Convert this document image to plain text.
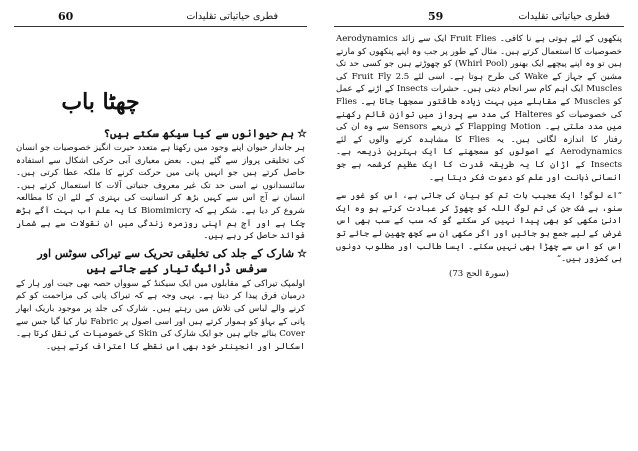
60	فطری حیاتیاتی تقلیدات
چھٹا باب
☆ہم حیوانوں سے کیا سیکھ سکتے ہیں؟
ہر جاندار حیوان اپنے وجود میں رکھتا ہے متعدد حیرت انگیز خصوصیات جو انسان کی تخلیقی پرواز سے گئے ہیں۔ بعض معیاری آبی حرکی اشکال سے استفادہ حاصل کرتے ہیں جو انہیں پانی میں حرکت کرنے کا ملکہ عطا کرتی ہیں۔ سائنسدانوں نے اسی حد تک غیر معروف جنیاتی آلات کا استعمال کرتے ہیں۔ انسان نے آج اس سے کہیں بڑھ کر انسانیت کی بہتری کے لئے ان کا مطالعہ شروع کر دیا ہے۔ شکر ہے کہ Biomimicry کا یہ علم اب بہت آگے بڑھ چکا ہے اور آج ہم اپنی روزمرہ زندگی میں ان نقولات سے بے شمار فوائد حاصل کر رہے ہیں۔
☆شارک کے جلد کی تخلیقی تحریک سے تیراکی سوٹس اور
سرفس ڈرائیگ تیار کیے جاتے ہیں
اولمپک تیراکی کے مقابلوں میں ایک سیکنڈ کے سوواں حصہ بھی جیت اور ہار کے درمیان فرق پیدا کر دیتا ہے۔ یہی وجہ ہے کہ تیراک پانی کی مزاحمت کو کم کرنے والے لباس کی تلاش میں رہتے ہیں۔ شارک کی جلد پر موجود باریک ابھار پانی کے بہاؤ کو ہموار کرتے ہیں اور اسی اصول پر Fabric تیار کیا گیا جس سے Cover بنائے جاتے ہیں جو ایک شارک کی Skin کی خصوصیات کی نقل کرتا ہے۔ اسکالر اور انجینئر خود بھی اس نقطے کا اعتراف کرتے ہیں۔
59	فطری حیاتیاتی تقلیدات
پنکھوں کے لئے ہوتی ہے نا کافی۔ Fruit Flies ایک سے زائد Aerodynamics خصوصیات کا استعمال کرتے ہیں۔ مثال کے طور پر جب وہ اپنے پنکھوں کو مارتے ہیں تو وہ اپنے پیچھے ایک بھنور (Whirl Pool) کو چھوڑتے ہیں جو کسی حد تک مشین کے جہاز کے Wake کی طرح ہوتا ہے۔ اسی لئے 2.5 Fruit Fly کی Muscles ایک اہم کام سر انجام دیتی ہیں۔ حشرات Insects کے اڑنے کے عمل کو Muscles کے مقابلے میں بہت زیادہ طاقتور سمجھا جاتا ہے۔ Flies کی خصوصیات کو Halteres کی مدد سے پرواز میں توازن قائم رکھنے میں مدد ملتی ہے۔ Flapping Motion کے ذریعے Sensors سے وہ ان کی رفتار کا اندازہ لگاتی ہیں۔ یہ Flies کا مشاہدہ کرنے والوں کے لئے Aerodynamics کے اصولوں کو سمجھنے کا ایک بہترین ذریعہ ہے۔ Insects کے اڑان کا یہ طریقہ قدرت کا ایک عظیم کرشمہ ہے جو انسانی ذہانت اور علم کو دعوت فکر دیتا ہے۔
”اے لوگو! ایک عجیب بات تم کو بیان کی جاتی ہے، اس کو غور سے سنو، بے شک جن کی تم لوگ اللہ کو چھوڑ کر عبادت کرتے ہو وہ ایک ادنیٰ مکھی کو بھی پیدا نہیں کر سکتے گو کہ سب کے سب بھی اس غرض کے لیے جمع ہو جائیں اور اگر مکھی ان سے کچھ چھین لے جائے تو اس کو اس سے چھڑا بھی نہیں سکتے۔ ایسا طالب اور مطلوب دونوں ہی کمزور ہیں۔“
(سورۃ الحج 73)
